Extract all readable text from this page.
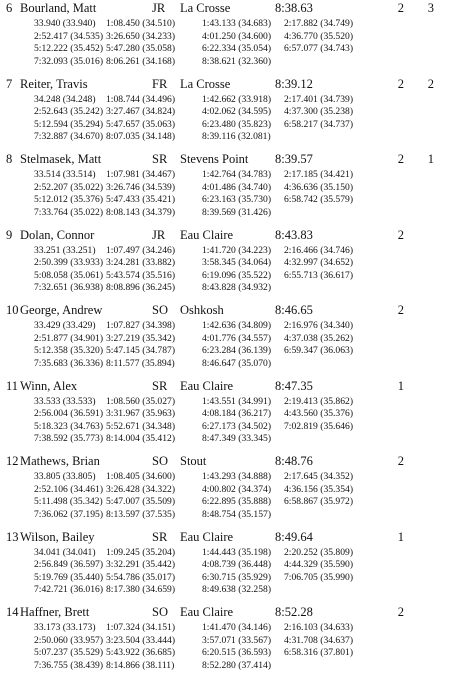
6 Bourland, Matt	JR La Crosse	8:38.63	2	3
33.940 (33.940) 1:08.450 (34.510)	1:43.133 (34.683) 2:17.882 (34.749)
2:52.417 (34.535) 3:26.650 (34.233)	4:01.250 (34.600) 4:36.770 (35.520)
5:12.222 (35.452) 5:47.280 (35.058)	6:22.334 (35.054) 6:57.077 (34.743)
7:32.093 (35.016) 8:06.261 (34.168)	8:38.621 (32.360)
7 Reiter, Travis	FR La Crosse	8:39.12	2	2
34.248 (34.248) 1:08.744 (34.496)	1:42.662 (33.918) 2:17.401 (34.739)
2:52.643 (35.242) 3:27.467 (34.824)	4:02.062 (34.595) 4:37.300 (35.238)
5:12.594 (35.294) 5:47.657 (35.063)	6:23.480 (35.823) 6:58.217 (34.737)
7:32.887 (34.670) 8:07.035 (34.148)	8:39.116 (32.081)
8 Stelmasek, Matt	SR Stevens Point 8:39.57	2	1
33.514 (33.514) 1:07.981 (34.467)	1:42.764 (34.783) 2:17.185 (34.421)
2:52.207 (35.022) 3:26.746 (34.539)	4:01.486 (34.740) 4:36.636 (35.150)
5:12.012 (35.376) 5:47.433 (35.421)	6:23.163 (35.730) 6:58.742 (35.579)
7:33.764 (35.022) 8:08.143 (34.379)	8:39.569 (31.426)
9 Dolan, Connor	JR Eau Claire	8:43.83	2
33.251 (33.251) 1:07.497 (34.246)	1:41.720 (34.223) 2:16.466 (34.746)
2:50.399 (33.933) 3:24.281 (33.882)	3:58.345 (34.064) 4:32.997 (34.652)
5:08.058 (35.061) 5:43.574 (35.516)	6:19.096 (35.522) 6:55.713 (36.617)
7:32.651 (36.938) 8:08.896 (36.245)	8:43.828 (34.932)
10 George, Andrew	SO Oshkosh	8:46.65	2
33.429 (33.429) 1:07.827 (34.398)	1:42.636 (34.809) 2:16.976 (34.340)
2:51.877 (34.901) 3:27.219 (35.342)	4:01.776 (34.557) 4:37.038 (35.262)
5:12.358 (35.320) 5:47.145 (34.787)	6:23.284 (36.139) 6:59.347 (36.063)
7:35.683 (36.336) 8:11.577 (35.894)	8:46.647 (35.070)
11 Winn, Alex	SR Eau Claire	8:47.35	1
33.533 (33.533) 1:08.560 (35.027)	1:43.551 (34.991) 2:19.413 (35.862)
2:56.004 (36.591) 3:31.967 (35.963)	4:08.184 (36.217) 4:43.560 (35.376)
5:18.323 (34.763) 5:52.671 (34.348)	6:27.173 (34.502) 7:02.819 (35.646)
7:38.592 (35.773) 8:14.004 (35.412)	8:47.349 (33.345)
12 Mathews, Brian	SO Stout	8:48.76	2
33.805 (33.805) 1:08.405 (34.600)	1:43.293 (34.888) 2:17.645 (34.352)
2:52.106 (34.461) 3:26.428 (34.322)	4:00.802 (34.374) 4:36.156 (35.354)
5:11.498 (35.342) 5:47.007 (35.509)	6:22.895 (35.888) 6:58.867 (35.972)
7:36.062 (37.195) 8:13.597 (37.535)	8:48.754 (35.157)
13 Wilson, Bailey	SR Eau Claire	8:49.64	1
34.041 (34.041) 1:09.245 (35.204)	1:44.443 (35.198) 2:20.252 (35.809)
2:56.849 (36.597) 3:32.291 (35.442)	4:08.739 (36.448) 4:44.329 (35.590)
5:19.769 (35.440) 5:54.786 (35.017)	6:30.715 (35.929) 7:06.705 (35.990)
7:42.721 (36.016) 8:17.380 (34.659)	8:49.638 (32.258)
14 Haffner, Brett	SO Eau Claire	8:52.28	2
33.173 (33.173) 1:07.324 (34.151)	1:41.470 (34.146) 2:16.103 (34.633)
2:50.060 (33.957) 3:23.504 (33.444)	3:57.071 (33.567) 4:31.708 (34.637)
5:07.237 (35.529) 5:43.922 (36.685)	6:20.515 (36.593) 6:58.316 (37.801)
7:36.755 (38.439) 8:14.866 (38.111)	8:52.280 (37.414)
